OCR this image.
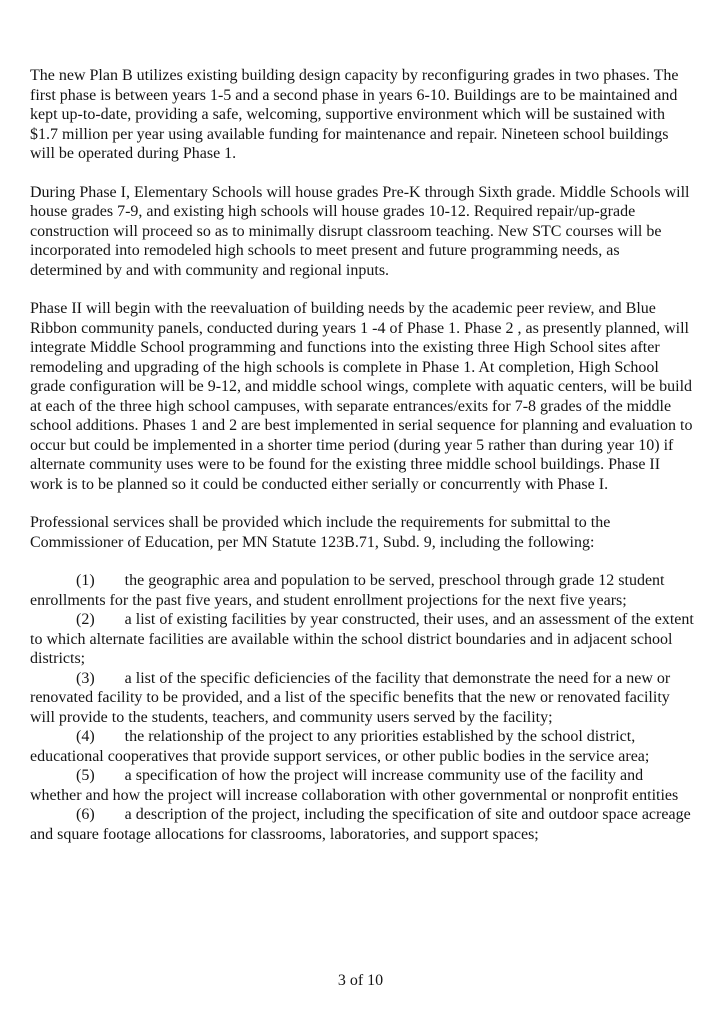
The new Plan B utilizes existing building design capacity by reconfiguring grades in two phases. The first phase is between years 1-5 and a second phase in years 6-10. Buildings are to be maintained and kept up-to-date, providing a safe, welcoming, supportive environment which will be sustained with $1.7 million per year using available funding for maintenance and repair. Nineteen school buildings will be operated during Phase 1.

During Phase I, Elementary Schools will house grades Pre-K through Sixth grade. Middle Schools will house grades 7-9, and existing high schools will house grades 10-12. Required repair/up-grade construction will proceed so as to minimally disrupt classroom teaching. New STC courses will be incorporated into remodeled high schools to meet present and future programming needs, as determined by and with community and regional inputs.

Phase II will begin with the reevaluation of building needs by the academic peer review, and Blue Ribbon community panels, conducted during years 1 -4 of Phase 1. Phase 2 , as presently planned, will integrate Middle School programming and functions into the existing three High School sites after remodeling and upgrading of the high schools is complete in Phase 1. At completion, High School grade configuration will be 9-12, and middle school wings, complete with aquatic centers, will be build at each of the three high school campuses, with separate entrances/exits for 7-8 grades of the middle school additions. Phases 1 and 2 are best implemented in serial sequence for planning and evaluation to occur but could be implemented in a shorter time period (during year 5 rather than during year 10) if alternate community uses were to be found for the existing three middle school buildings. Phase II work is to be planned so it could be conducted either serially or concurrently with Phase I.

Professional services shall be provided which include the requirements for submittal to the Commissioner of Education, per MN Statute 123B.71, Subd. 9, including the following:

(1) the geographic area and population to be served, preschool through grade 12 student enrollments for the past five years, and student enrollment projections for the next five years;

(2) a list of existing facilities by year constructed, their uses, and an assessment of the extent to which alternate facilities are available within the school district boundaries and in adjacent school districts;

(3) a list of the specific deficiencies of the facility that demonstrate the need for a new or renovated facility to be provided, and a list of the specific benefits that the new or renovated facility will provide to the students, teachers, and community users served by the facility;

(4) the relationship of the project to any priorities established by the school district, educational cooperatives that provide support services, or other public bodies in the service area;

(5) a specification of how the project will increase community use of the facility and whether and how the project will increase collaboration with other governmental or nonprofit entities

(6) a description of the project, including the specification of site and outdoor space acreage and square footage allocations for classrooms, laboratories, and support spaces;

3 of 10
